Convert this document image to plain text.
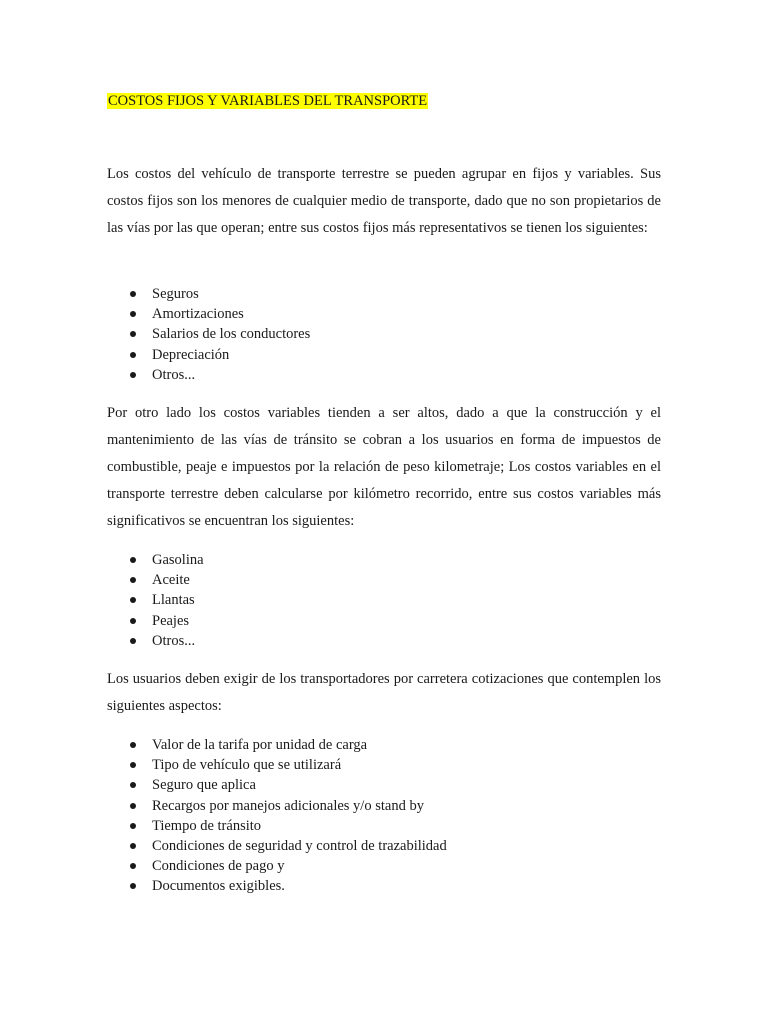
COSTOS FIJOS Y VARIABLES DEL TRANSPORTE

Los costos del vehículo de transporte terrestre se pueden agrupar en fijos y variables. Sus costos fijos son los menores de cualquier medio de transporte, dado que no son propietarios de las vías por las que operan; entre sus costos fijos más representativos se tienen los siguientes:

Seguros
Amortizaciones
Salarios de los conductores
Depreciación
Otros...

Por otro lado los costos variables tienden a ser altos, dado a que la construcción y el mantenimiento de las vías de tránsito se cobran a los usuarios en forma de impuestos de combustible, peaje e impuestos por la relación de peso kilometraje; Los costos variables en el transporte terrestre deben calcularse por kilómetro recorrido, entre sus costos variables más significativos se encuentran los siguientes:

Gasolina
Aceite
Llantas
Peajes
Otros...

Los usuarios deben exigir de los transportadores por carretera cotizaciones que contemplen los siguientes aspectos:

Valor de la tarifa por unidad de carga
Tipo de vehículo que se utilizará
Seguro que aplica
Recargos por manejos adicionales y/o stand by
Tiempo de tránsito
Condiciones de seguridad y control de trazabilidad
Condiciones de pago y
Documentos exigibles.
